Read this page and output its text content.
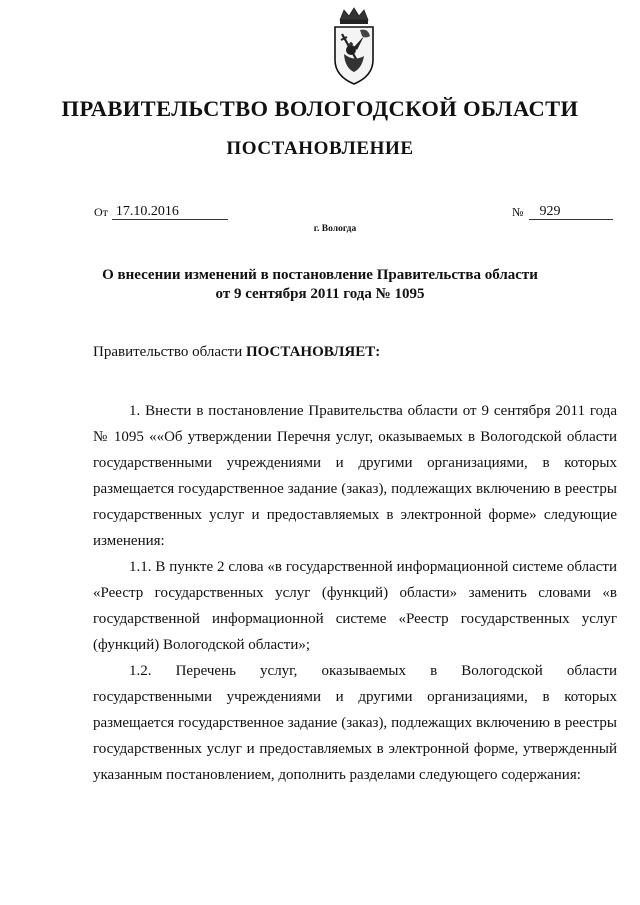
ПРАВИТЕЛЬСТВО ВОЛОГОДСКОЙ ОБЛАСТИ
ПОСТАНОВЛЕНИЕ
От 17.10.2016	№	929
г. Вологда
О внесении изменений в постановление Правительства области
от 9 сентября 2011 года № 1095
Правительство области ПОСТАНОВЛЯЕТ:

1. Внести в постановление Правительства области от 9 сентября 2011 года № 1095 ««Об утверждении Перечня услуг, оказываемых в Вологодской области государственными учреждениями и другими организациями, в которых размещается государственное задание (заказ), подлежащих включению в реестры государственных услуг и предоставляемых в электронной форме» следующие изменения:

1.1. В пункте 2 слова «в государственной информационной системе области «Реестр государственных услуг (функций) области» заменить словами «в государственной информационной системе «Реестр государственных услуг (функций) Вологодской области»;

1.2. Перечень услуг, оказываемых в Вологодской области государственными учреждениями и другими организациями, в которых размещается государственное задание (заказ), подлежащих включению в реестры государственных услуг и предоставляемых в электронной форме, утвержденный указанным постановлением, дополнить разделами следующего содержания:
